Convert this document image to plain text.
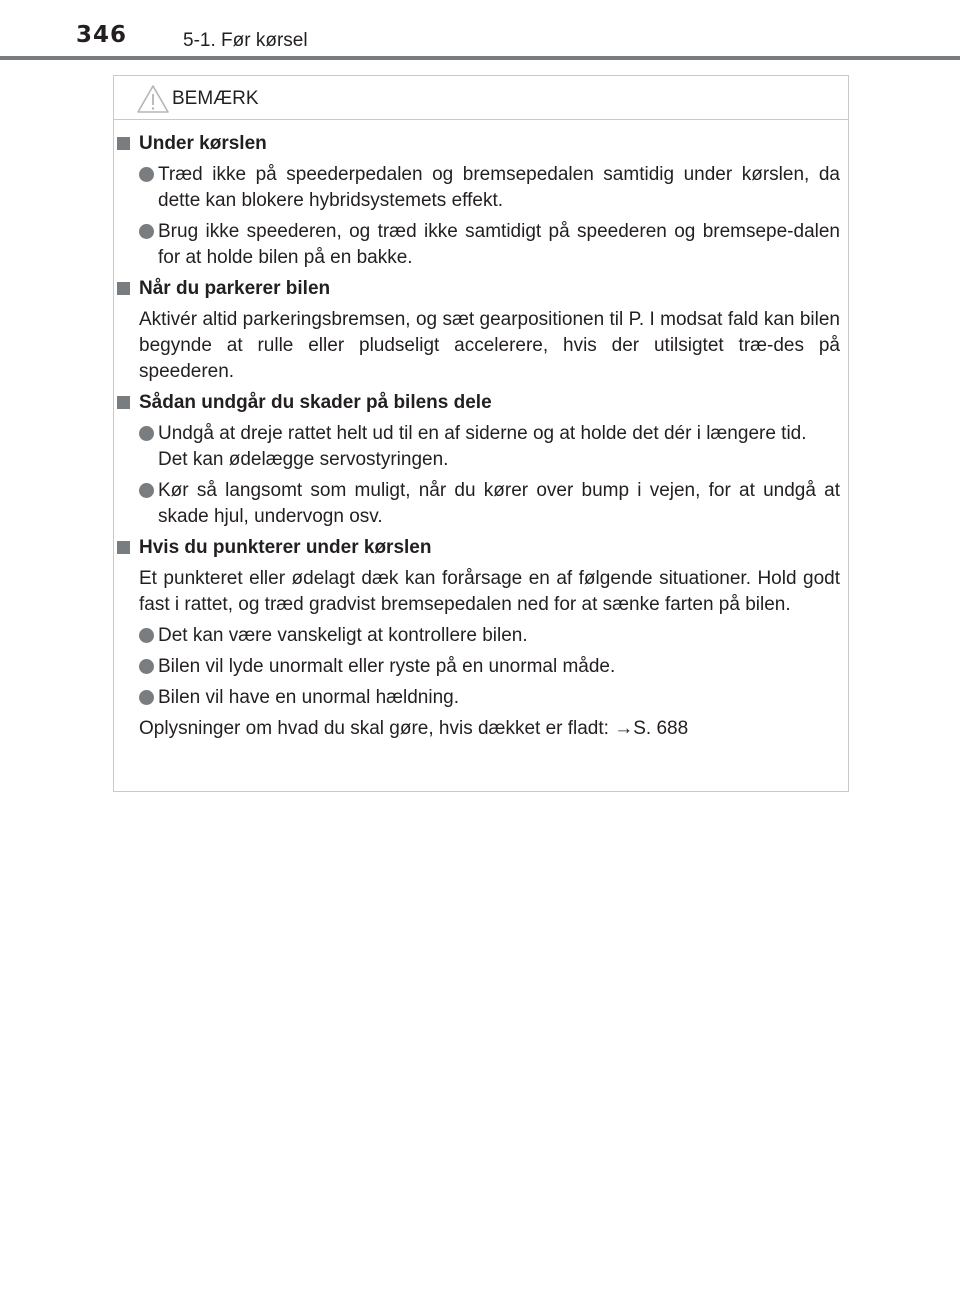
346	5-1. Før kørsel
BEMÆRK
Under kørslen
Træd ikke på speederpedalen og bremsepedalen samtidig under kørslen, da dette kan blokere hybridsystemets effekt.
Brug ikke speederen, og træd ikke samtidigt på speederen og bremsepe-dalen for at holde bilen på en bakke.
Når du parkerer bilen
Aktivér altid parkeringsbremsen, og sæt gearpositionen til P. I modsat fald kan bilen begynde at rulle eller pludseligt accelerere, hvis der utilsigtet træ-des på speederen.
Sådan undgår du skader på bilens dele
Undgå at dreje rattet helt ud til en af siderne og at holde det dér i længere tid.
Det kan ødelægge servostyringen.
Kør så langsomt som muligt, når du kører over bump i vejen, for at undgå at skade hjul, undervogn osv.
Hvis du punkterer under kørslen
Et punkteret eller ødelagt dæk kan forårsage en af følgende situationer. Hold godt fast i rattet, og træd gradvist bremsepedalen ned for at sænke farten på bilen.
Det kan være vanskeligt at kontrollere bilen.
Bilen vil lyde unormalt eller ryste på en unormal måde.
Bilen vil have en unormal hældning.
Oplysninger om hvad du skal gøre, hvis dækket er fladt: →S. 688
